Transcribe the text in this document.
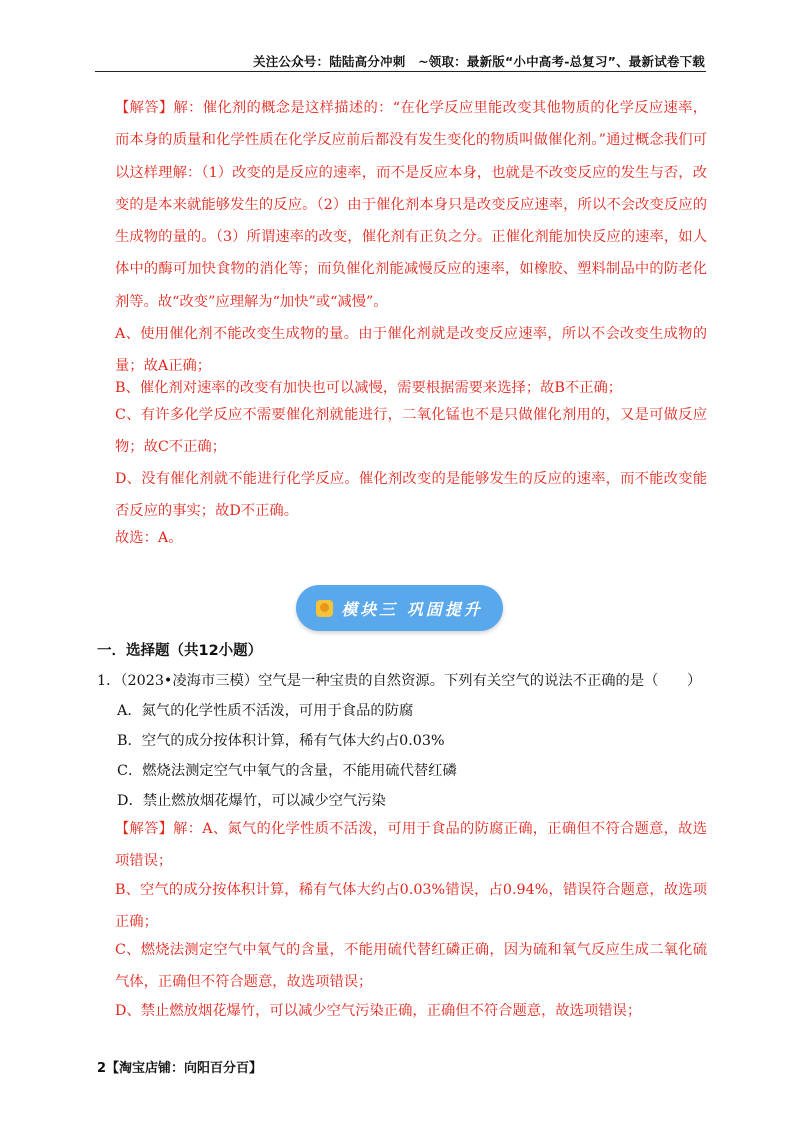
关注公众号：陆陆高分冲刺　~领取：最新版“小中高考-总复习”、最新试卷下载

【解答】解：催化剂的概念是这样描述的：“在化学反应里能改变其他物质的化学反应速率，而本身的质量和化学性质在化学反应前后都没有发生变化的物质叫做催化剂。”通过概念我们可以这样理解：（1）改变的是反应的速率，而不是反应本身，也就是不改变反应的发生与否，改变的是本来就能够发生的反应。（2）由于催化剂本身只是改变反应速率，所以不会改变反应的生成物的量的。（3）所谓速率的改变，催化剂有正负之分。正催化剂能加快反应的速率，如人体中的酶可加快食物的消化等；而负催化剂能减慢反应的速率，如橡胶、塑料制品中的防老化剂等。故“改变”应理解为“加快”或“减慢”。

A、使用催化剂不能改变生成物的量。由于催化剂就是改变反应速率，所以不会改变生成物的量；故A正确；

B、催化剂对速率的改变有加快也可以减慢，需要根据需要来选择；故B不正确；

C、有许多化学反应不需要催化剂就能进行，二氧化锰也不是只做催化剂用的，又是可做反应物；故C不正确；

D、没有催化剂就不能进行化学反应。催化剂改变的是能够发生的反应的速率，而不能改变能否反应的事实；故D不正确。

故选：A。

模块三 巩固提升
一．选择题（共12小题）
1．（2023•凌海市三模）空气是一种宝贵的自然资源。下列有关空气的说法不正确的是（　　）
A．氮气的化学性质不活泼，可用于食品的防腐
B．空气的成分按体积计算，稀有气体大约占0.03%
C．燃烧法测定空气中氧气的含量，不能用硫代替红磷
D．禁止燃放烟花爆竹，可以减少空气污染

【解答】解：A、氮气的化学性质不活泼，可用于食品的防腐正确，正确但不符合题意，故选项错误；

B、空气的成分按体积计算，稀有气体大约占0.03%错误，占0.94%，错误符合题意，故选项正确；

C、燃烧法测定空气中氧气的含量，不能用硫代替红磷正确，因为硫和氧气反应生成二氧化硫气体，正确但不符合题意，故选项错误；

D、禁止燃放烟花爆竹，可以减少空气污染正确，正确但不符合题意，故选项错误；

2【淘宝店铺：向阳百分百】
